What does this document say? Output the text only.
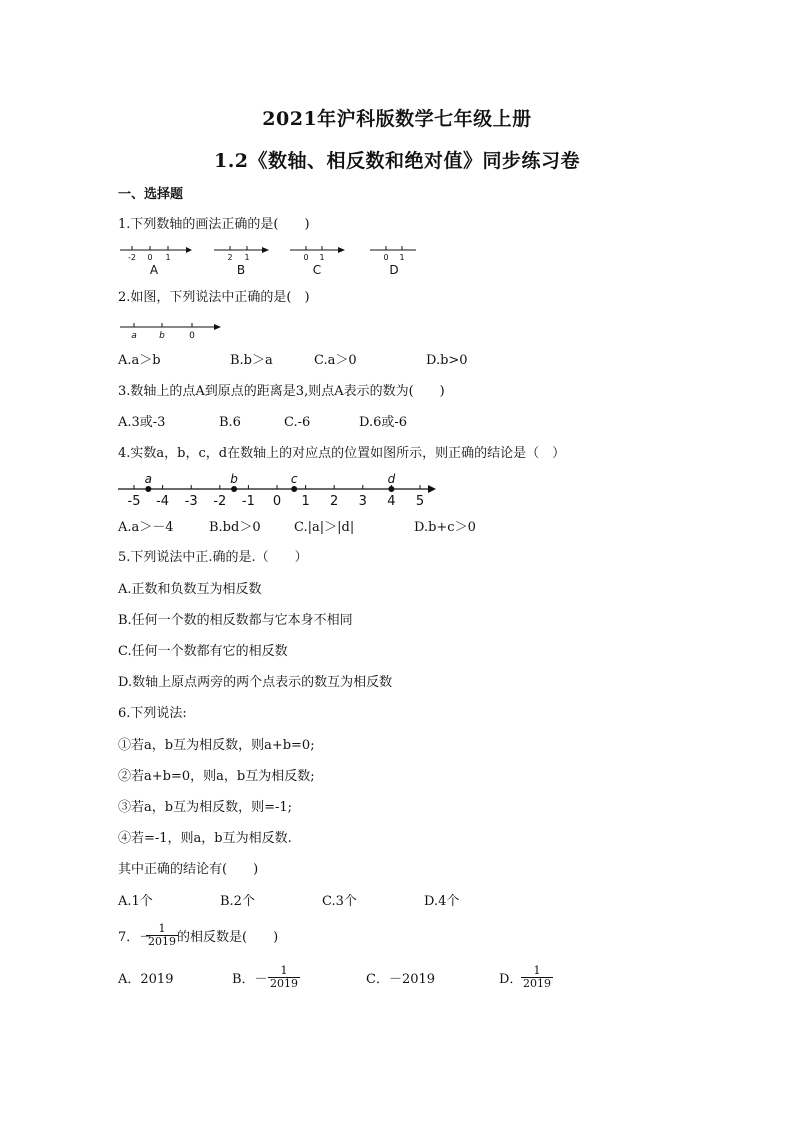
2021年沪科版数学七年级上册
1.2《数轴、相反数和绝对值》同步练习卷
一、选择题
1.下列数轴的画法正确的是(　　)
-2 0 1
A
2 1
B
0 1
C
0 1
D
2.如图，下列说法中正确的是(　)
a b	0
A.a＞b	B.b＞a	C.a＞0	D.b>0
3.数轴上的点A到原点的距离是3,则点A表示的数为(　　)
A.3或-3	B.6	C.-6	D.6或-6
4.实数a，b，c，d在数轴上的对应点的位置如图所示，则正确的结论是（　）
-5 -4 -3 -2 -1 0 1 2 3 4 5
a	b	c	d
A.a＞－4	B.bd＞0	C.|a|＞|d|	D.b+c＞0
5.下列说法中正.确的是.（　　）
A.正数和负数互为相反数
B.任何一个数的相反数都与它本身不相同
C.任何一个数都有它的相反数
D.数轴上原点两旁的两个点表示的数互为相反数
6.下列说法:
①若a，b互为相反数，则a+b=0;
②若a+b=0，则a，b互为相反数;
③若a，b互为相反数，则=-1;
④若=-1，则a，b互为相反数.
其中正确的结论有(　　)
A.1个	B.2个	C.3个	D.4个
7．－
$\frac{1}{2019}$ 的相反数是(　　)
A．2019	B．－ $\frac{1}{2019}$	C．－2019	D．
$\frac{1}{2019}$
